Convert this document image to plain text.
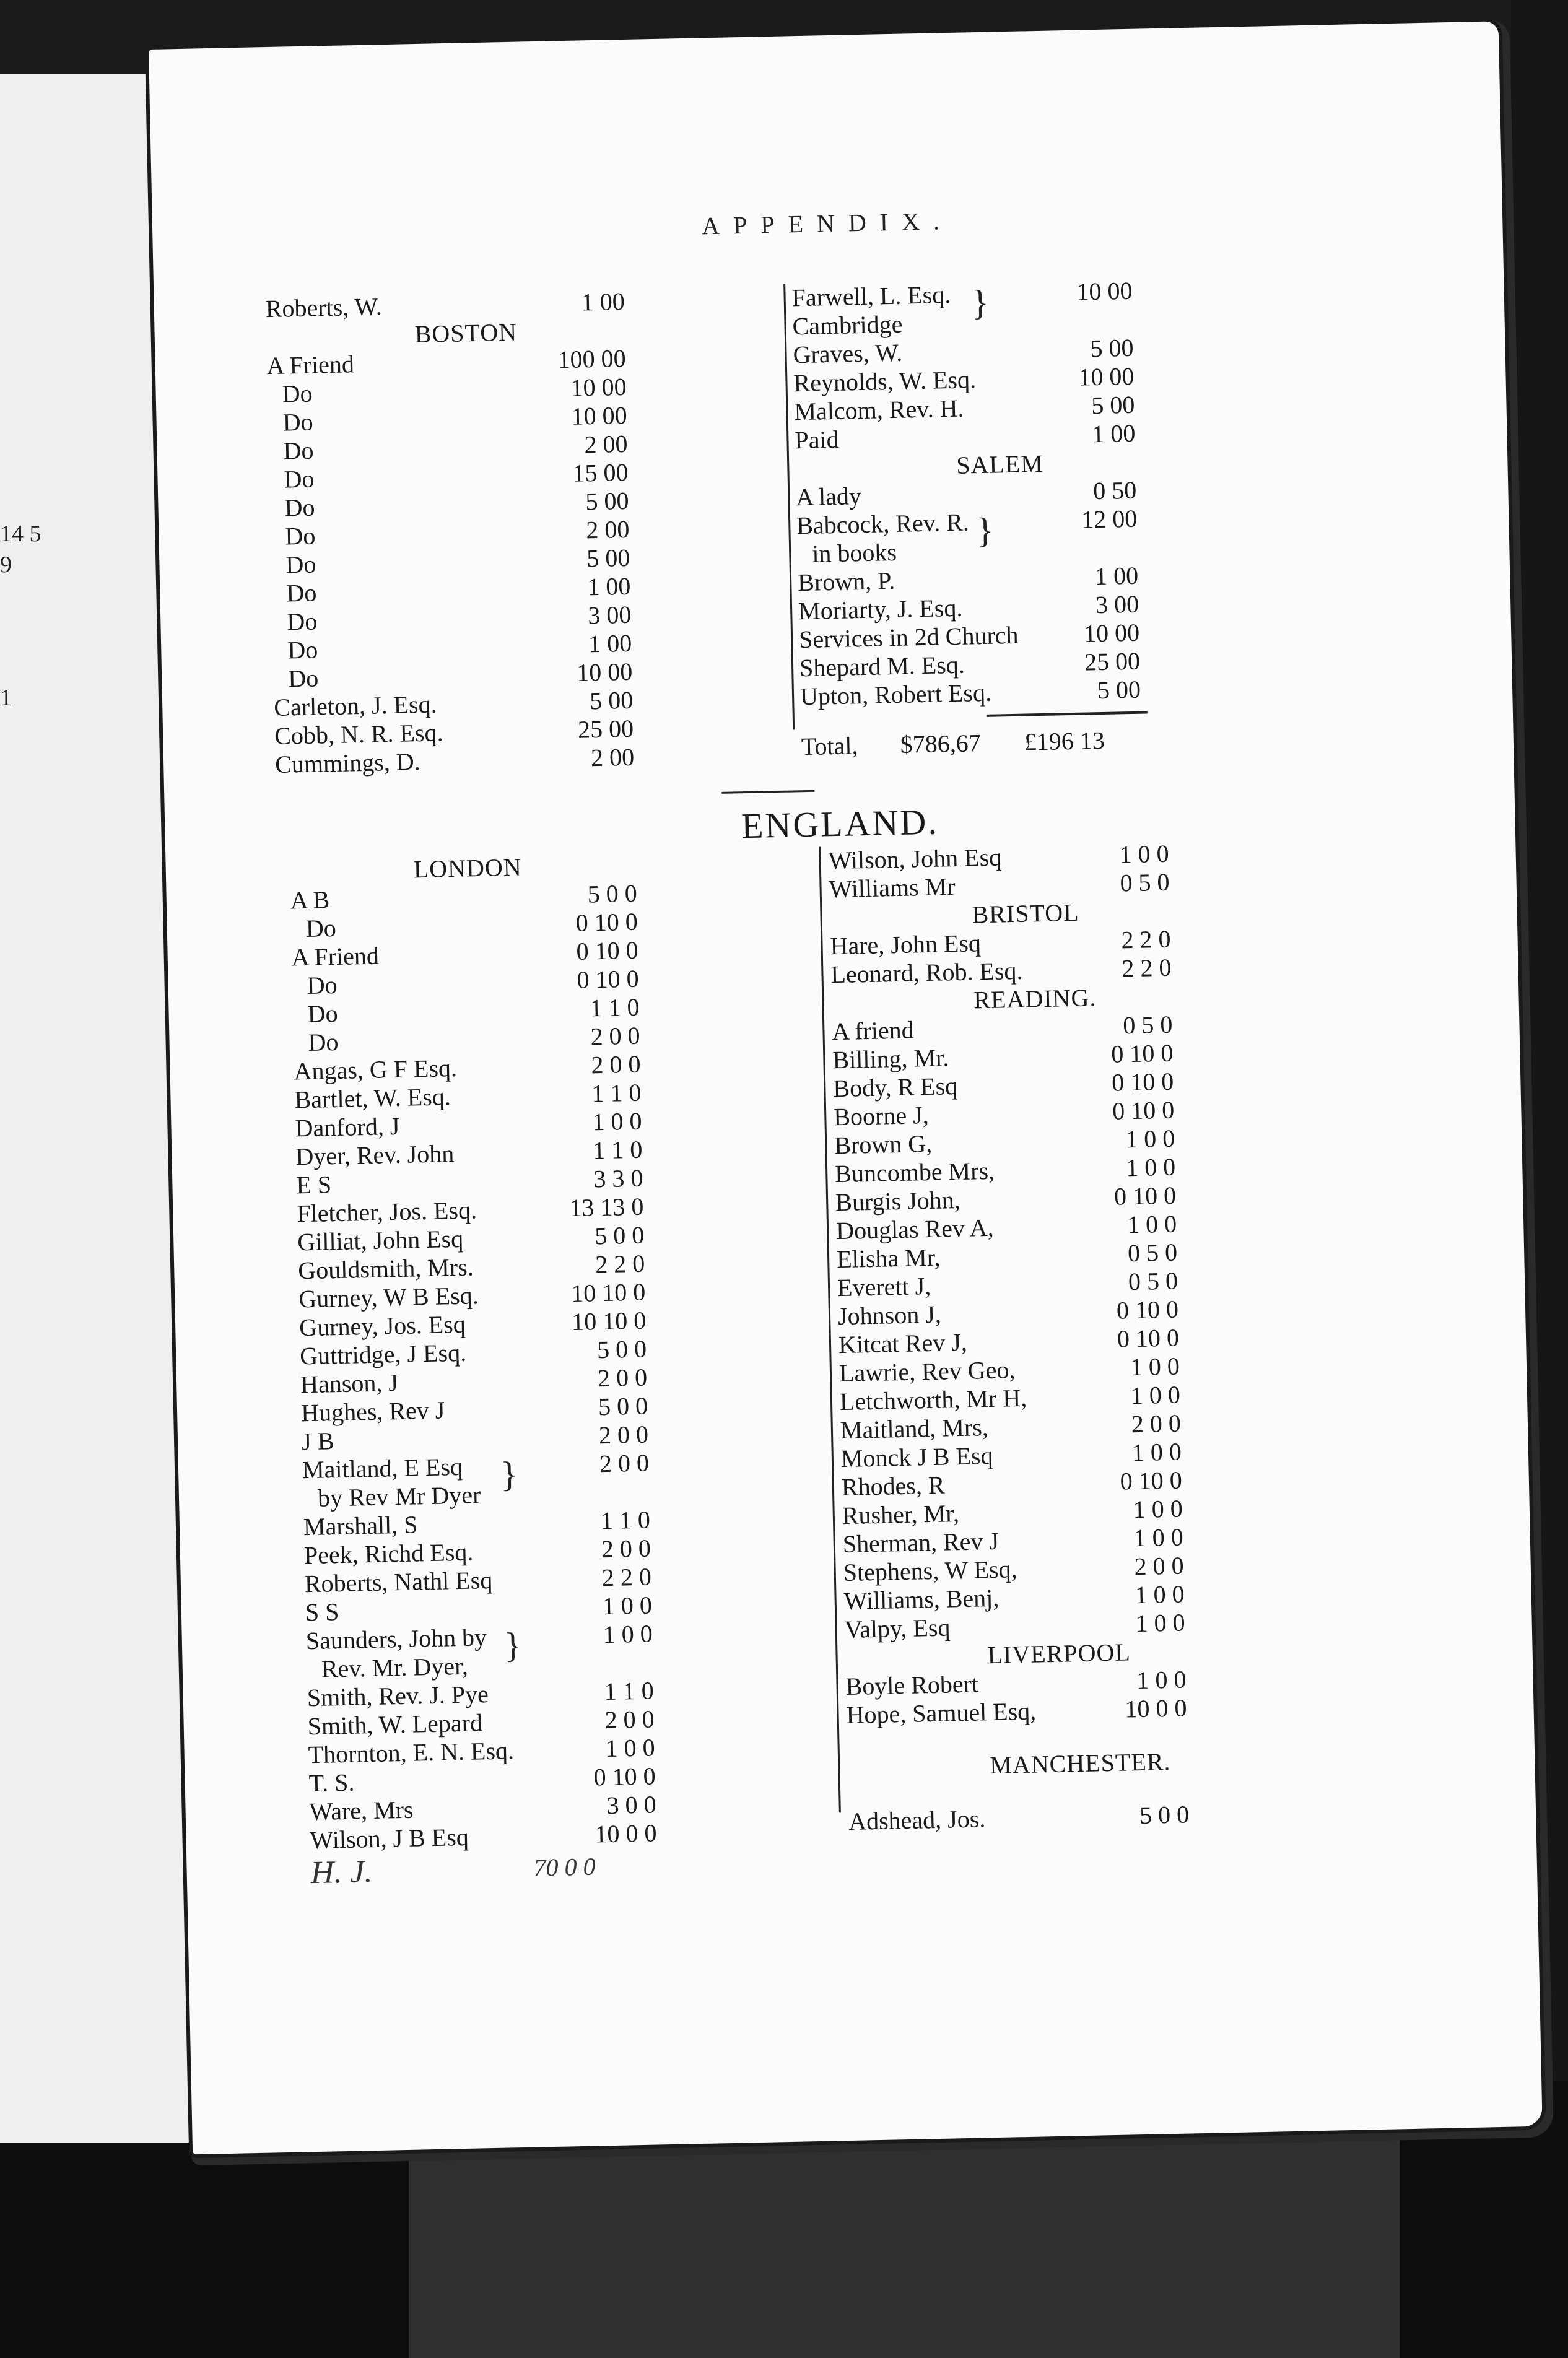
14 5
9
1
APPENDIX.
Roberts, W.	1 00
BOSTON
A Friend	100 00
Do	10 00
Do	10 00
Do	2 00
Do	15 00
Do	5 00
Do	2 00
Do	5 00
Do	1 00
Do	3 00
Do	1 00
Do	10 00
Carleton, J. Esq.	5 00
Cobb, N. R. Esq.	25 00
Cummings, D.	2 00
Farwell, L. Esq. }	10 00
Cambridge
Graves, W.	5 00
Reynolds, W. Esq.	10 00
Malcom, Rev. H.	5 00
Paid	1 00
SALEM
A lady	0 50
Babcock, Rev. R. }	12 00
in books
Brown, P.	1 00
Moriarty, J. Esq.	3 00
Services in 2d Church	10 00
Shepard M. Esq.	25 00
Upton, Robert Esq.	5 00
Total, $786,67 £196 13
ENGLAND.
LONDON
A B	5 0 0
Do	0 10 0
A Friend	0 10 0
Do	0 10 0
Do	1 1 0
Do	2 0 0
Angas, G F Esq.	2 0 0
Bartlet, W. Esq.	1 1 0
Danford, J	1 0 0
Dyer, Rev. John	1 1 0
E S	3 3 0
Fletcher, Jos. Esq.	13 13 0
Gilliat, John Esq	5 0 0
Gouldsmith, Mrs.	2 2 0
Gurney, W B Esq.	10 10 0
Gurney, Jos. Esq	10 10 0
Guttridge, J Esq.	5 0 0
Hanson, J	2 0 0
Hughes, Rev J	5 0 0
J B	2 0 0
Maitland, E Esq }	2 0 0
by Rev Mr Dyer
Marshall, S	1 1 0
Peek, Richd Esq.	2 0 0
Roberts, Nathl Esq	2 2 0
S S	1 0 0
Saunders, John by }	1 0 0
Rev. Mr. Dyer,
Smith, Rev. J. Pye	1 1 0
Smith, W. Lepard	2 0 0
Thornton, E. N. Esq.	1 0 0
T. S.	0 10 0
Ware, Mrs	3 0 0
Wilson, J B Esq	10 0 0
Wilson, John Esq	1 0 0
Williams Mr	0 5 0
BRISTOL
Hare, John Esq	2 2 0
Leonard, Rob. Esq.	2 2 0
READING.
A friend	0 5 0
Billing, Mr.	0 10 0
Body, R Esq	0 10 0
Boorne J,	0 10 0
Brown G,	1 0 0
Buncombe Mrs,	1 0 0
Burgis John,	0 10 0
Douglas Rev A,	1 0 0
Elisha Mr,	0 5 0
Everett J,	0 5 0
Johnson J,	0 10 0
Kitcat Rev J,	0 10 0
Lawrie, Rev Geo,	1 0 0
Letchworth, Mr H,	1 0 0
Maitland, Mrs,	2 0 0
Monck J B Esq	1 0 0
Rhodes, R	0 10 0
Rusher, Mr,	1 0 0
Sherman, Rev J	1 0 0
Stephens, W Esq,	2 0 0
Williams, Benj,	1 0 0
Valpy, Esq	1 0 0
LIVERPOOL
Boyle Robert	1 0 0
Hope, Samuel Esq,	10 0 0
MANCHESTER.
Adshead, Jos.	5 0 0
H. J.	70 0 0
